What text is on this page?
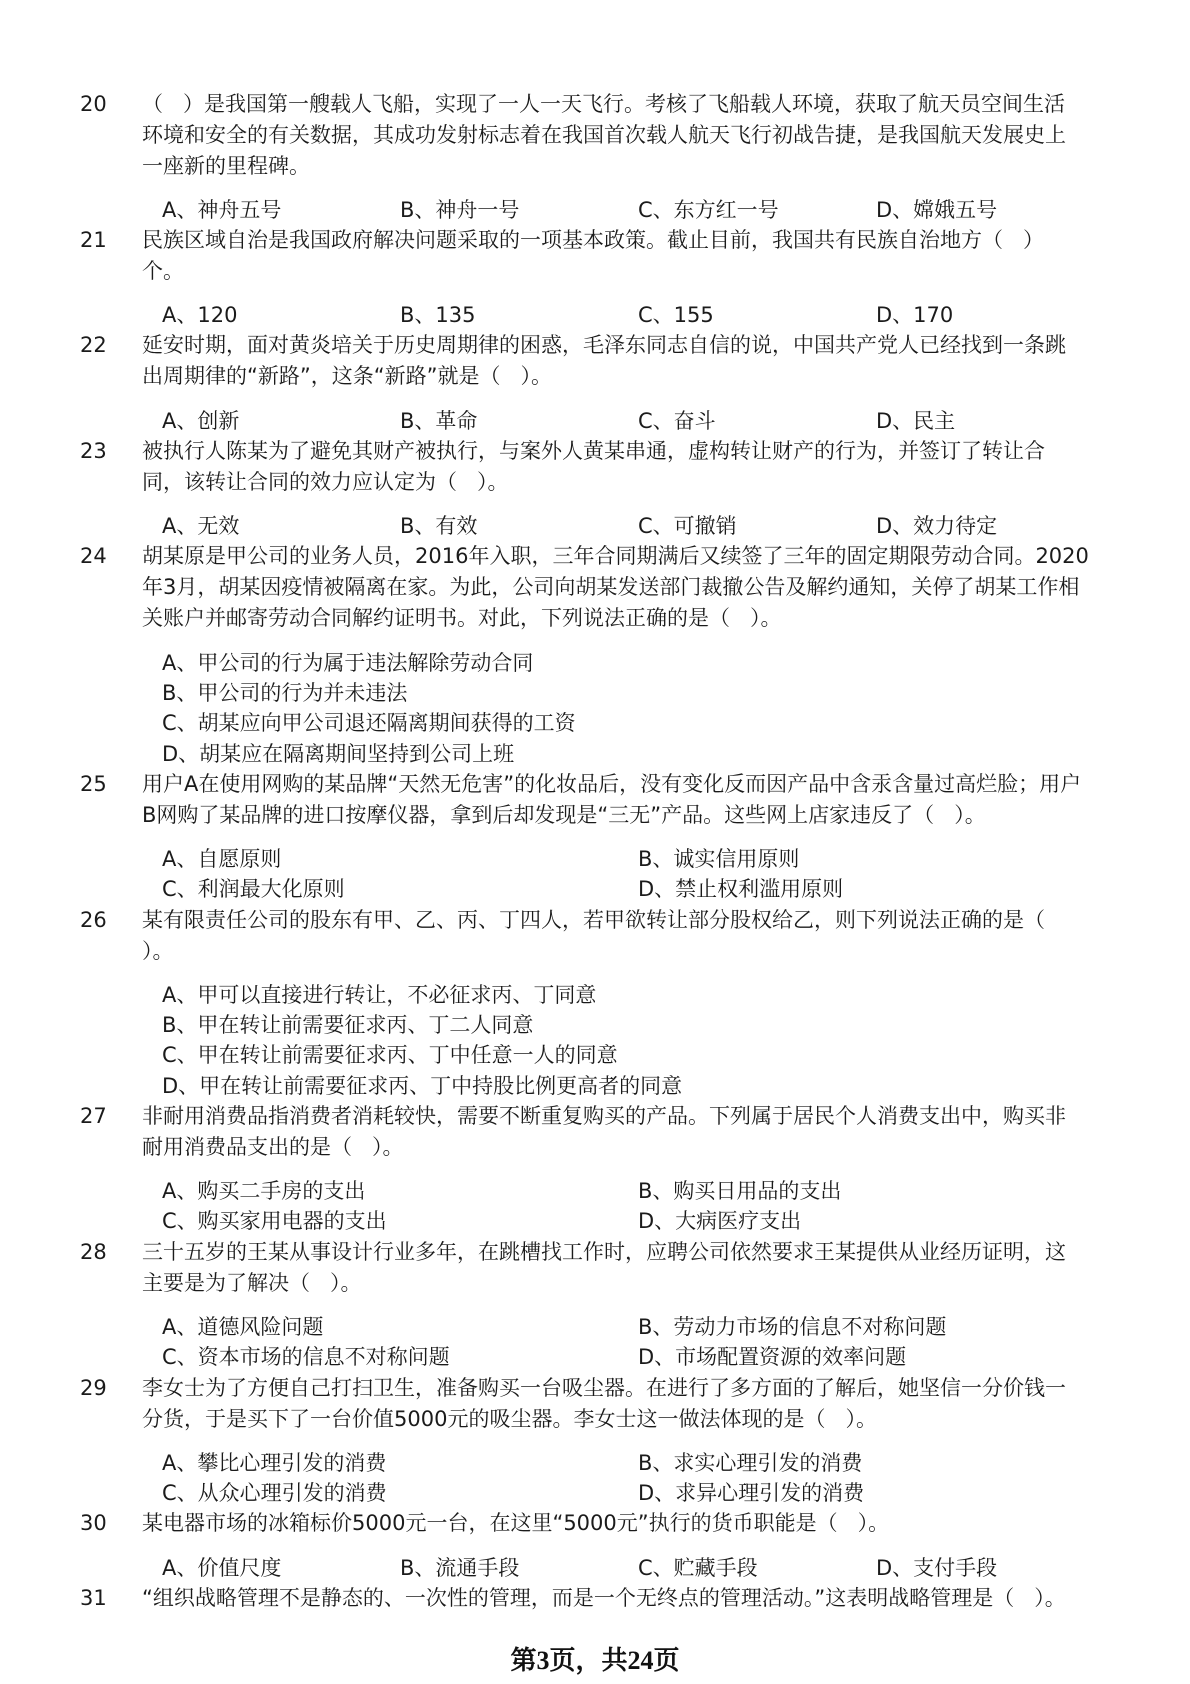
20 （   ）是我国第一艘载人飞船，实现了一人一天飞行。考核了飞船载人环境，获取了航天员空间生活
环境和安全的有关数据，其成功发射标志着在我国首次载人航天飞行初战告捷，是我国航天发展史上
一座新的里程碑。
A、神舟五号	B、神舟一号	C、东方红一号	D、嫦娥五号
21 民族区域自治是我国政府解决问题采取的一项基本政策。截止目前，我国共有民族自治地方（   ）
个。
A、120	B、135	C、155	D、170
22 延安时期，面对黄炎培关于历史周期律的困惑，毛泽东同志自信的说，中国共产党人已经找到一条跳
出周期律的“新路”，这条“新路”就是（   ）。
A、创新	B、革命	C、奋斗	D、民主
23 被执行人陈某为了避免其财产被执行，与案外人黄某串通，虚构转让财产的行为，并签订了转让合
同，该转让合同的效力应认定为（   ）。
A、无效	B、有效	C、可撤销	D、效力待定
24 胡某原是甲公司的业务人员，2016年入职，三年合同期满后又续签了三年的固定期限劳动合同。2020
年3月，胡某因疫情被隔离在家。为此，公司向胡某发送部门裁撤公告及解约通知，关停了胡某工作相
关账户并邮寄劳动合同解约证明书。对此，下列说法正确的是（   ）。
A、甲公司的行为属于违法解除劳动合同
B、甲公司的行为并未违法
C、胡某应向甲公司退还隔离期间获得的工资
D、胡某应在隔离期间坚持到公司上班
25 用户A在使用网购的某品牌“天然无危害”的化妆品后，没有变化反而因产品中含汞含量过高烂脸；用户
B网购了某品牌的进口按摩仪器，拿到后却发现是“三无”产品。这些网上店家违反了（   ）。
A、自愿原则	B、诚实信用原则
C、利润最大化原则	D、禁止权利滥用原则
26 某有限责任公司的股东有甲、乙、丙、丁四人，若甲欲转让部分股权给乙，则下列说法正确的是（
）。
A、甲可以直接进行转让，不必征求丙、丁同意
B、甲在转让前需要征求丙、丁二人同意
C、甲在转让前需要征求丙、丁中任意一人的同意
D、甲在转让前需要征求丙、丁中持股比例更高者的同意
27 非耐用消费品指消费者消耗较快，需要不断重复购买的产品。下列属于居民个人消费支出中，购买非
耐用消费品支出的是（   ）。
A、购买二手房的支出	B、购买日用品的支出
C、购买家用电器的支出	D、大病医疗支出
28 三十五岁的王某从事设计行业多年，在跳槽找工作时，应聘公司依然要求王某提供从业经历证明，这
主要是为了解决（   ）。
A、道德风险问题	B、劳动力市场的信息不对称问题
C、资本市场的信息不对称问题	D、市场配置资源的效率问题
29 李女士为了方便自己打扫卫生，准备购买一台吸尘器。在进行了多方面的了解后，她坚信一分价钱一
分货，于是买下了一台价值5000元的吸尘器。李女士这一做法体现的是（   ）。
A、攀比心理引发的消费	B、求实心理引发的消费
C、从众心理引发的消费	D、求异心理引发的消费
30 某电器市场的冰箱标价5000元一台，在这里“5000元”执行的货币职能是（   ）。
A、价值尺度	B、流通手段	C、贮藏手段	D、支付手段
31 “组织战略管理不是静态的、一次性的管理，而是一个无终点的管理活动。”这表明战略管理是（   ）。
第3页，共24页
